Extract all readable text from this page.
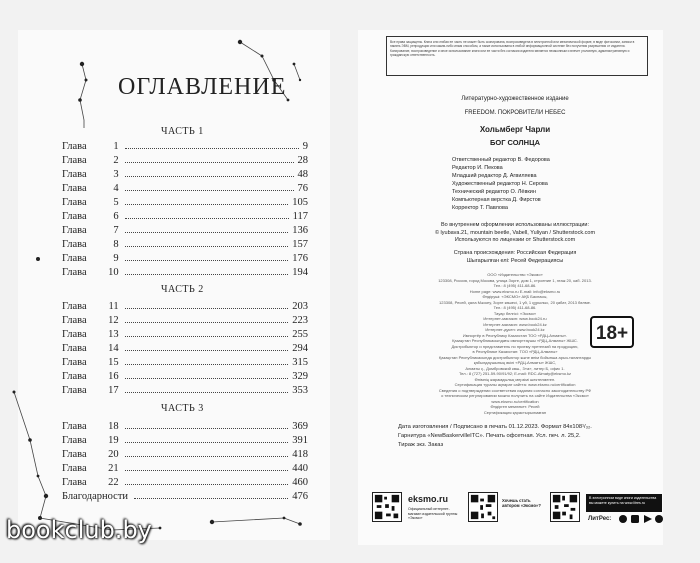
ОГЛАВЛЕНИЕ
ЧАСТЬ 1
Глава	1	9
Глава	2	28
Глава	3	48
Глава	4	76
Глава	5	105
Глава	6	117
Глава	7	136
Глава	8	157
Глава	9	176
Глава	10	194
ЧАСТЬ 2
Глава	11	203
Глава	12	223
Глава	13	255
Глава	14	294
Глава	15	315
Глава	16	329
Глава	17	353
ЧАСТЬ 3
Глава	18	369
Глава	19	391
Глава	20	418
Глава	21	440
Глава	22	460
Благодарности	476
Все права защищены. Книга или любая ее часть не может быть скопирована, воспроизведена в электронной или механической форме, в виде фотокопии, записи в память ЭВМ, репродукции или каким-либо иным способом, а также использована в любой информационной системе без получения разрешения от издателя. Копирование, воспроизведение и иное использование книги или ее части без согласия издателя является незаконным и влечет уголовную, административную и гражданскую ответственность.
Литературно-художественное издание
FREEDOM. ПОКРОВИТЕЛИ НЕБЕС
Хольмберг Чарли
БОГ СОЛНЦА
Ответственный редактор В. Федорова
Редактор И. Пекова
Младший редактор Д. Агвиляева
Художественный редактор Н. Серова
Технический редактор О. Лёвкин
Компьютерная верстка Д. Фирстов
Корректор Т. Павлова
Во внутреннем оформлении использованы иллюстрации:
© lyubava.21, mountain beetle, Vabell, Yuliyan / Shutterstock.com
Используются по лицензии от Shutterstock.com
Страна происхождения: Российская Федерация
Шыгарылған елі: Ресей Федерациясы
ООО «Издательство «Эксмо»
123308, Россия, город Москва, улица Зорге, дом 1, строение 1, этаж 20, каб. 2013.
Тел.: 8 (495) 411-68-86.
Home page: www.eksmo.ru E-mail: info@eksmo.ru
Өндіруші: «ЭКСМО» АҚБ Баспасы,
123308, Ресей, қала Мәскеу, Зорге көшесі, 1 үй, 1 құрылыс, 20 қабат, 2013 бөлме.
Тел.: 8 (495) 411-68-86.
Тауар белгісі: «Эксмо»
Интернет-магазин: www.book24.ru
Интернет-магазин: www.book24.kz
Интернет-дүкен: www.book24.kz
Импортёр в Республику Казахстан ТОО «РДЦ-Алматы».
Қазақстан Республикасындағы импорттаушы «РДЦ-Алматы» ЖШС.
Дистрибьютор и представитель по приему претензий на продукцию,
в Республике Казахстан: ТОО «РДЦ-Алматы»
Қазақстан Республикасында дистрибьютор және өнім бойынша арыз-талаптарды
қабылдаушының өкілі «РДЦ-Алматы» ЖШС,
Алматы қ., Домбровский көш., 3«а», литер Б, офис 1.
Тел.: 8 (727) 251-59-90/91/92; E-mail: RDC-Almaty@eksmo.kz
Өнімнің жарамдылық мерзімі шектелмеген.
Сертификация туралы ақпарат сайтта: www.eksmo.ru/certification
Сведения о подтверждении соответствия издания согласно законодательству РФ
о техническом регулировании можно получить на сайте Издательства «Эксмо»
www.eksmo.ru/certification
Өндірген мемлекет: Ресей
Сертификация қарастырылмаған
18+
Дата изготовления / Подписано в печать 01.12.2023. Формат 84х108¹/₃₂.
Гарнитура «NewBaskervilleITC». Печать офсетная. Усл. печ. л. 25,2.
Тираж экз. Заказ
eksmo.ru
Официальный интернет-магазин издательской группы «Эксмо»
Хочешь стать автором «Эксмо»?
В электронном виде книги издательства вы можете купить на www.litres.ru
ЛитРес:
bookclub.by
